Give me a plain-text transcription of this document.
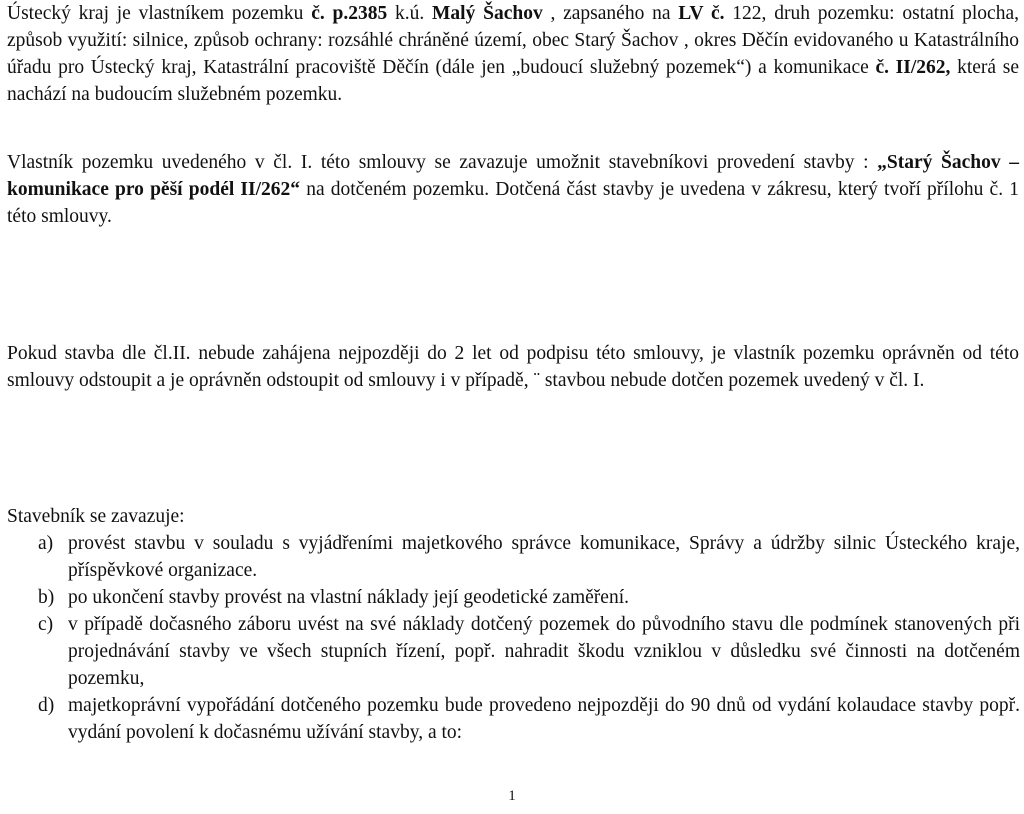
Ústecký kraj je vlastníkem pozemku č. p.2385 k.ú. Malý Šachov , zapsaného na LV č. 122, druh pozemku: ostatní plocha, způsob využití: silnice, způsob ochrany: rozsáhlé chráněné území, obec Starý Šachov , okres Děčín evidovaného u Katastrálního úřadu pro Ústecký kraj, Katastrální pracoviště Děčín (dále jen „budoucí služebný pozemek“) a komunikace č. II/262, která se nachází na budoucím služebném pozemku.

Vlastník pozemku uvedeného v čl. I. této smlouvy se zavazuje umožnit stavebníkovi provedení stavby : „Starý Šachov – komunikace pro pěší podél II/262“ na dotčeném pozemku. Dotčená část stavby je uvedena v zákresu, který tvoří přílohu č. 1 této smlouvy.

Pokud stavba dle čl.II. nebude zahájena nejpozději do 2 let od podpisu této smlouvy, je vlastník pozemku oprávněn od této smlouvy odstoupit a je oprávněn odstoupit od smlouvy i v případě, ¨ stavbou nebude dotčen pozemek uvedený v čl. I.

Stavebník se zavazuje:

a) provést stavbu v souladu s vyjádřeními majetkového správce komunikace, Správy a údržby silnic Ústeckého kraje, příspěvkové organizace.
b) po ukončení stavby provést na vlastní náklady její geodetické zaměření.
c) v případě dočasného záboru uvést na své náklady dotčený pozemek do původního stavu dle podmínek stanovených při projednávání stavby ve všech stupních řízení, popř. nahradit škodu vzniklou v důsledku své činnosti na dotčeném pozemku,
d) majetkoprávní vypořádání dotčeného pozemku bude provedeno nejpozději do 90 dnů od vydání kolaudace stavby popř. vydání povolení k dočasnému užívání stavby, a to:
1
